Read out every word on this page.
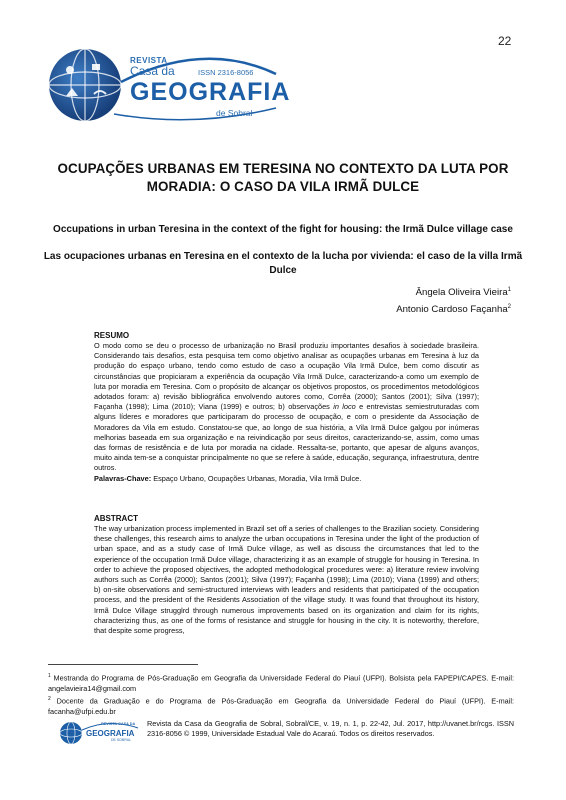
22
REVISTA
Casa da	ISSN 2316-8056
GEOGRAFIA
de Sobral
OCUPAÇÕES URBANAS EM TERESINA NO CONTEXTO DA LUTA POR
MORADIA: O CASO DA VILA IRMÃ DULCE
Occupations in urban Teresina in the context of the fight for housing: the Irmã Dulce village case
Las ocupaciones urbanas en Teresina en el contexto de la lucha por vivienda: el caso de la villa Irmã
Dulce
Ângela Oliveira Vieira$^1$
Antonio Cardoso Façanha$^2$
RESUMO
O modo como se deu o processo de urbanização no Brasil produziu importantes desafios à sociedade brasileira. Considerando tais desafios, esta pesquisa tem como objetivo analisar as ocupações urbanas em Teresina à luz da produção do espaço urbano, tendo como estudo de caso a ocupação Vila Irmã Dulce, bem como discutir as circunstâncias que propiciaram a experiência da ocupação Vila Irmã Dulce, caracterizando-a como um exemplo de luta por moradia em Teresina. Com o propósito de alcançar os objetivos propostos, os procedimentos metodológicos adotados foram: a) revisão bibliográfica envolvendo autores como, Corrêa (2000); Santos (2001); Silva (1997); Façanha (1998); Lima (2010); Viana (1999) e outros; b) observações in loco e entrevistas semiestruturadas com alguns líderes e moradores que participaram do processo de ocupação, e com o presidente da Associação de Moradores da Vila em estudo. Constatou-se que, ao longo de sua história, a Vila Irmã Dulce galgou por inúmeras melhorias baseada em sua organização e na reivindicação por seus direitos, caracterizando-se, assim, como umas das formas de resistência e de luta por moradia na cidade. Ressalta-se, portanto, que apesar de alguns avanços, muito ainda tem-se a conquistar principalmente no que se refere à saúde, educação, segurança, infraestrutura, dentre outros.
Palavras-Chave: Espaço Urbano, Ocupações Urbanas, Moradia, Vila Irmã Dulce.
ABSTRACT
The way urbanization process implemented in Brazil set off a series of challenges to the Brazilian society. Considering these challenges, this research aims to analyze the urban occupations in Teresina under the light of the production of urban space, and as a study case of Irmã Dulce village, as well as discuss the circumstances that led to the experience of the occupation Irmã Dulce village, characterizing it as an example of struggle for housing in Teresina. In order to achieve the proposed objectives, the adopted methodological procedures were: a) literature review involving authors such as Corrêa (2000); Santos (2001); Silva (1997); Façanha (1998); Lima (2010); Viana (1999) and others; b) on-site observations and semi-structured interviews with leaders and residents that participated of the occupation process, and the president of the Residents Association of the village study. It was found that throughout its history, Irmã Dulce Village strugglrd through numerous improvements based on its organization and claim for its rights, characterizing thus, as one of the forms of resistance and struggle for housing in the city. It is noteworthy, therefore, that despite some progress,
$^1$ Mestranda do Programa de Pós-Graduação em Geografia da Universidade Federal do Piauí (UFPI). Bolsista pela FAPEPI/CAPES. E-mail: angelavieira14@gmail.com
$^2$ Docente da Graduação e do Programa de Pós-Graduação em Geografia da Universidade Federal do Piauí (UFPI). E-mail: facanha@ufpi.edu.br
REVISTA CASA DA
GEOGRAFIA
DE SOBRAL
Revista da Casa da Geografia de Sobral, Sobral/CE, v. 19, n. 1, p. 22-42, Jul. 2017, http://uvanet.br/rcgs. ISSN 2316-8056 © 1999, Universidade Estadual Vale do Acaraú. Todos os direitos reservados.
